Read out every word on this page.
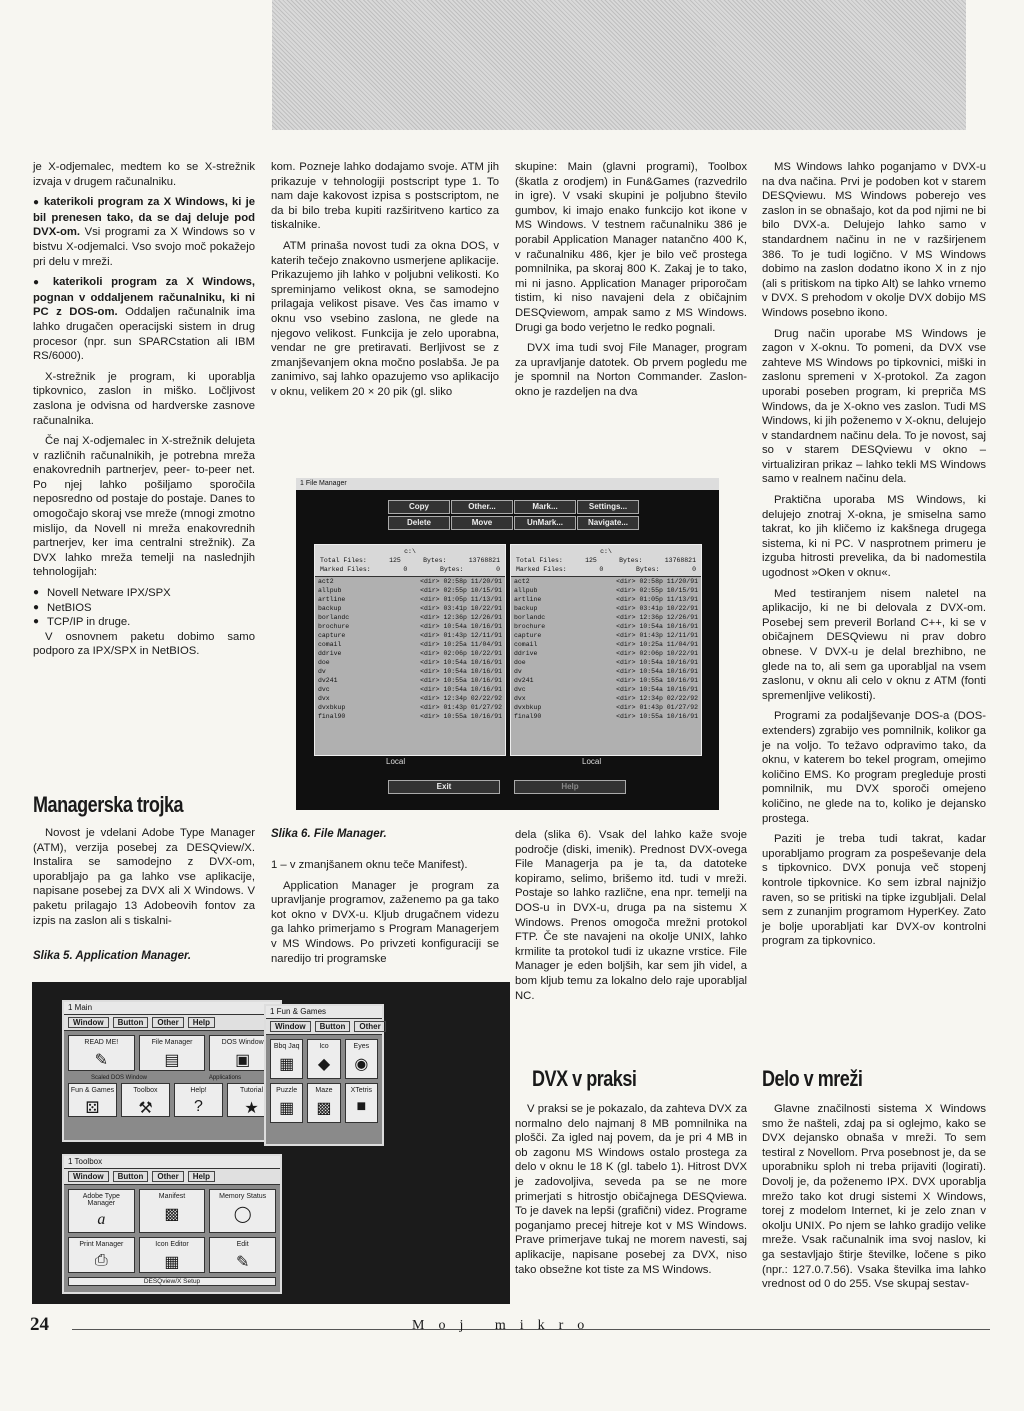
je X-odjemalec, medtem ko se X-strežnik izvaja v drugem računalniku.

● katerikoli program za X Windows, ki je bil prenesen tako, da se daj deluje pod DVX-om. Vsi programi za X Windows so v bistvu X-odjemalci. Vso svojo moč pokažejo pri delu v mreži.

● katerikoli program za X Windows, pognan v oddaljenem računalniku, ki ni PC z DOS-om. Oddaljen računalnik ima lahko drugačen operacijski sistem in drug procesor (npr. sun SPARCstation ali IBM RS/6000).

X-strežnik je program, ki uporablja tipkovnico, zaslon in miško. Ločljivost zaslona je odvisna od hardverske zasnove računalnika.

Če naj X-odjemalec in X-strežnik delujeta v različnih računalnikih, je potrebna mreža enakovrednih partnerjev, peer- to-peer net. Po njej lahko pošiljamo sporočila neposredno od postaje do postaje. Danes to omogočajo skoraj vse mreže (mnogi zmotno mislijo, da Novell ni mreža enakovrednih partnerjev, ker ima centralni strežnik). Za DVX lahko mreža temelji na naslednjih tehnologijah:

● Novell Netware IPX/SPX
● NetBIOS
● TCP/IP in druge.

V osnovnem paketu dobimo samo podporo za IPX/SPX in NetBIOS.

Managerska trojka

Novost je vdelani Adobe Type Manager (ATM), verzija posebej za DESQview/X. Instalira se samodejno z DVX-om, uporabljajo pa ga lahko vse aplikacije, napisane posebej za DVX ali X Windows. V paketu prilagajo 13 Adobeovih fontov za izpis na zaslon ali s tiskalni-

Slika 5. Application Manager.

kom. Pozneje lahko dodajamo svoje. ATM jih prikazuje v tehnologiji postscript type 1. To nam daje kakovost izpisa s postscriptom, ne da bi bilo treba kupiti razširitveno kartico za tiskalnike.

ATM prinaša novost tudi za okna DOS, v katerih tečejo znakovno usmerjene aplikacije. Prikazujemo jih lahko v poljubni velikosti. Ko spreminjamo velikost okna, se samodejno prilagaja velikost pisave. Ves čas imamo v oknu vso vsebino zaslona, ne glede na njegovo velikost. Funkcija je zelo uporabna, vendar ne gre pretiravati. Berljivost se z zmanjševanjem okna močno poslabša. Je pa zanimivo, saj lahko opazujemo vso aplikacijo v oknu, velikem 20 × 20 pik (gl. sliko

Slika 6. File Manager.

1 – v zmanjšanem oknu teče Manifest).

Application Manager je program za upravljanje programov, zaženemo pa ga tako kot okno v DVX-u. Kljub drugačnem videzu ga lahko primerjamo s Program Managerjem v MS Windows. Po privzeti konfiguraciji se naredijo tri programske

skupine: Main (glavni programi), Toolbox (škatla z orodjem) in Fun&Games (razvedrilo in igre). V vsaki skupini je poljubno število gumbov, ki imajo enako funkcijo kot ikone v MS Windows. V testnem računalniku 386 je porabil Application Manager natančno 400 K, v računalniku 486, kjer je bilo več prostega pomnilnika, pa skoraj 800 K. Zakaj je to tako, mi ni jasno. Application Manager priporočam tistim, ki niso navajeni dela z običajnim DESQviewom, ampak samo z MS Windows. Drugi ga bodo verjetno le redko pognali.

DVX ima tudi svoj File Manager, program za upravljanje datotek. Ob prvem pogledu me je spomnil na Norton Commander. Zaslon-okno je razdeljen na dva

dela (slika 6). Vsak del lahko kaže svoje področje (diski, imenik). Prednost DVX-ovega File Managerja pa je ta, da datoteke kopiramo, selimo, brišemo itd. tudi v mreži. Postaje so lahko različne, ena npr. temelji na DOS-u in DVX-u, druga pa na sistemu X Windows. Prenos omogoča mrežni protokol FTP. Če ste navajeni na okolje UNIX, lahko krmilite ta protokol tudi iz ukazne vrstice. File Manager je eden boljših, kar sem jih videl, a bom kljub temu za lokalno delo raje uporabljal NC.

DVX v praksi

V praksi se je pokazalo, da zahteva DVX za normalno delo najmanj 8 MB pomnilnika na plošči. Za igled naj povem, da je pri 4 MB in ob zagonu MS Windows ostalo prostega za delo v oknu le 18 K (gl. tabelo 1). Hitrost DVX je zadovoljiva, seveda pa se ne more primerjati s hitrostjo običajnega DESQviewa. To je davek na lepši (grafični) videz. Programe poganjamo precej hitreje kot v MS Windows. Prave primerjave tukaj ne morem navesti, saj aplikacije, napisane posebej za DVX, niso tako obsežne kot tiste za MS Windows.

MS Windows lahko poganjamo v DVX-u na dva načina. Prvi je podoben kot v starem DESQviewu. MS Windows poberejo ves zaslon in se obnašajo, kot da pod njimi ne bi bilo DVX-a. Delujejo lahko samo v standardnem načinu in ne v razširjenem 386. To je tudi logično. V MS Windows dobimo na zaslon dodatno ikono X in z njo (ali s pritiskom na tipko Alt) se lahko vrnemo v DVX. S prehodom v okolje DVX dobijo MS Windows posebno ikono.

Drug način uporabe MS Windows je zagon v X-oknu. To pomeni, da DVX vse zahteve MS Windows po tipkovnici, miški in zaslonu spremeni v X-protokol. Za zagon uporabi poseben program, ki prepriča MS Windows, da je X-okno ves zaslon. Tudi MS Windows, ki jih poženemo v X-oknu, delujejo v standardnem načinu dela. To je novost, saj so v starem DESQviewu v okno – virtualiziran prikaz – lahko tekli MS Windows samo v realnem načinu dela.

Praktična uporaba MS Windows, ki delujejo znotraj X-okna, je smiselna samo takrat, ko jih kličemo iz kakšnega drugega sistema, ki ni PC. V nasprotnem primeru je izguba hitrosti prevelika, da bi nadomestila ugodnost »Oken v oknu«.

Med testiranjem nisem naletel na aplikacijo, ki ne bi delovala z DVX-om. Posebej sem preveril Borland C++, ki se v običajnem DESQviewu ni prav dobro obnese. V DVX-u je delal brezhibno, ne glede na to, ali sem ga uporabljal na vsem zaslonu, v oknu ali celo v oknu z ATM (fonti spremenljive velikosti).

Programi za podaljševanje DOS-a (DOS-extenders) zgrabijo ves pomnilnik, kolikor ga je na voljo. To težavo odpravimo tako, da oknu, v katerem bo tekel program, omejimo količino EMS. Ko program pregleduje prosti pomnilnik, mu DVX sporoči omejeno količino, ne glede na to, koliko je dejansko prostega.

Paziti je treba tudi takrat, kadar uporabljamo program za pospeševanje dela s tipkovnico. DVX ponuja več stopenj kontrole tipkovnice. Ko sem izbral najnižjo raven, so se pritiski na tipke izgubljali. Delal sem z zunanjim programom HyperKey. Zato je bolje uporabljati kar DVX-ov kontrolni program za tipkovnico.

Delo v mreži

Glavne značilnosti sistema X Windows smo že našteli, zdaj pa si oglejmo, kako se DVX dejansko obnaša v mreži. To sem testiral z Novellom. Prva posebnost je, da se uporabniku sploh ni treba prijaviti (logirati). Dovolj je, da poženemo IPX. DVX uporablja mrežo tako kot drugi sistemi X Windows, torej z modelom Internet, ki je zelo znan v okolju UNIX. Po njem se lahko gradijo velike mreže. Vsak računalnik ima svoj naslov, ki ga sestavljajo štirje številke, ločene s piko (npr.: 127.0.7.56). Vsaka številka ima lahko vrednost od 0 do 255. Vse skupaj sestav-

1 File Manager
Copy	Other...	Mark...	Settings...
Delete	Move	UnMark...	Navigate...
c:\
Total Files:	125	Bytes:	13768821
Marked Files:	0	Bytes:	0
act2	<dir> 02:58p 11/20/91
allpub	<dir> 02:55p 10/15/91
artline	<dir> 01:05p 11/13/91
backup	<dir> 03:41p 10/22/91
borlandc	<dir> 12:36p 12/26/91
brochure	<dir> 10:54a 10/16/91
capture	<dir> 01:43p 12/11/91
comail	<dir> 10:25a 11/04/91
ddrive	<dir> 02:06p 10/22/91
doe	<dir> 10:54a 10/16/91
dv	<dir> 10:54a 10/16/91
dv241	<dir> 10:55a 10/16/91
dvc	<dir> 10:54a 10/16/91
dvx	<dir> 12:34p 02/22/92
dvxbkup	<dir> 01:43p 01/27/92
final90	<dir> 10:55a 10/16/91
c:\
Total Files:	125	Bytes:	13768821
Marked Files:	0	Bytes:	0
act2	<dir> 02:58p 11/20/91
allpub	<dir> 02:55p 10/15/91
artline	<dir> 01:05p 11/13/91
backup	<dir> 03:41p 10/22/91
borlandc	<dir> 12:36p 12/26/91
brochure	<dir> 10:54a 10/16/91
capture	<dir> 01:43p 12/11/91
comail	<dir> 10:25a 11/04/91
ddrive	<dir> 02:06p 10/22/91
doe	<dir> 10:54a 10/16/91
dv	<dir> 10:54a 10/16/91
dv241	<dir> 10:55a 10/16/91
dvc	<dir> 10:54a 10/16/91
dvx	<dir> 12:34p 02/22/92
dvxbkup	<dir> 01:43p 01/27/92
final90	<dir> 10:55a 10/16/91
Local	Local
Exit	Help
1 Main
Window	Button	Other	Help
READ ME!
✎
File Manager
▤
DOS Window
▣
Scaled DOS Window	Applications
Fun & Games
⚄
Toolbox
⚒
Help!
?
Tutorial
★
1 Fun & Games
Window	Button	Other
Bbq Jaq
▦
Ico
◆
Eyes
◉
Puzzle
▦
Maze
▩
XTetris
■
1 Toolbox
Window	Button	Other	Help
Adobe Type Manager
a
Manifest
▩
Memory Status
◯
Print Manager
⎙
Icon Editor
▦
Edit
✎
DESQview/X Setup
24	Moj mikro
